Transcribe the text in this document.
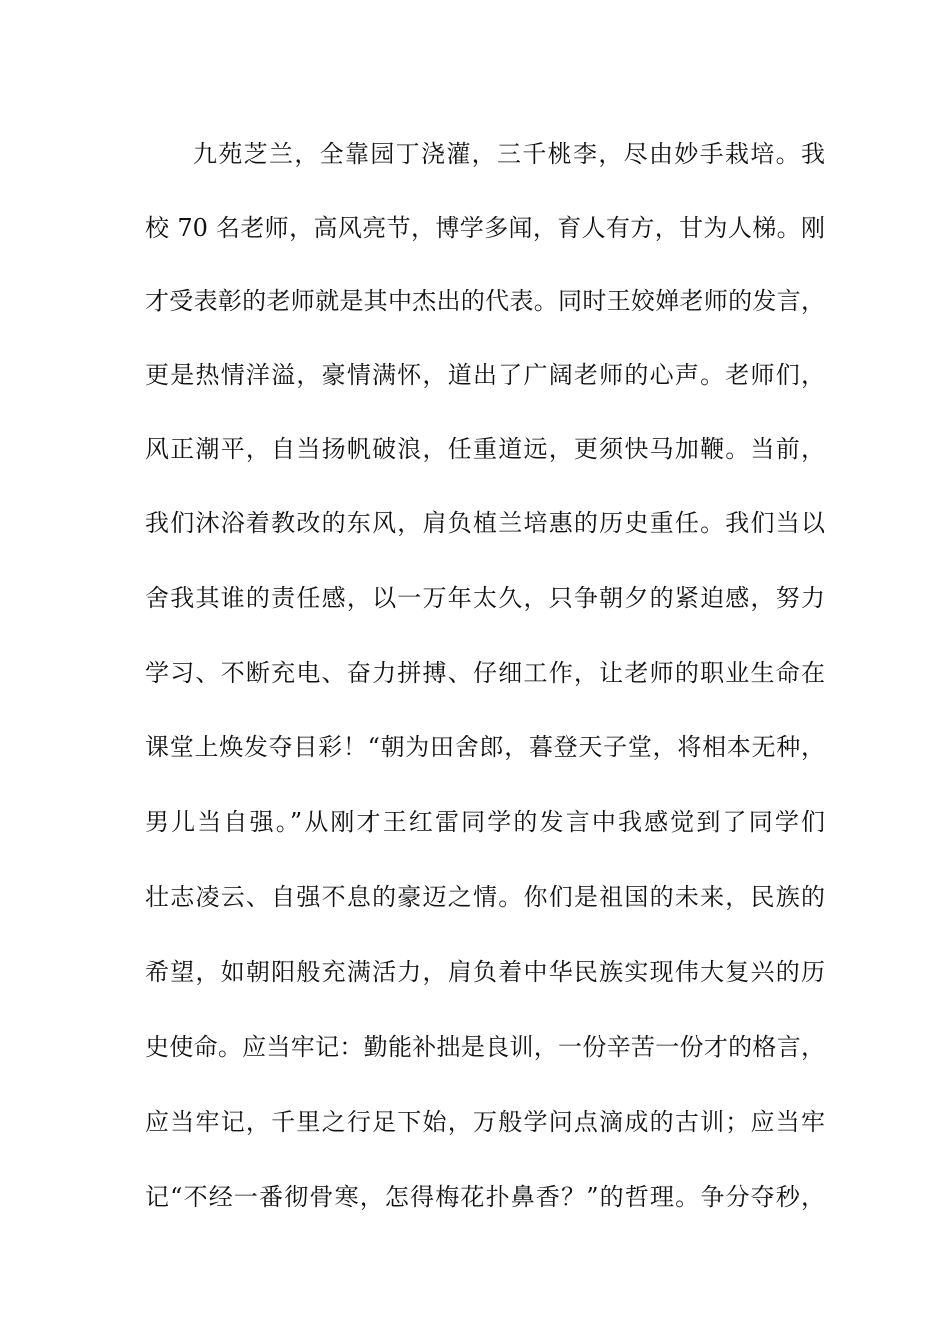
九苑芝兰，全靠园丁浇灌，三千桃李，尽由妙手栽培。我
校 70 名老师，高风亮节，博学多闻，育人有方，甘为人梯。刚
才受表彰的老师就是其中杰出的代表。同时王姣婵老师的发言，
更是热情洋溢，豪情满怀，道出了广阔老师的心声。老师们，
风正潮平，自当扬帆破浪，任重道远，更须快马加鞭。当前，
我们沐浴着教改的东风，肩负植兰培惠的历史重任。我们当以
舍我其谁的责任感，以一万年太久，只争朝夕的紧迫感，努力
学习、不断充电、奋力拼搏、仔细工作，让老师的职业生命在
课堂上焕发夺目彩！“朝为田舍郎，暮登天子堂，将相本无种，
男儿当自强。”从刚才王红雷同学的发言中我感觉到了同学们
壮志凌云、自强不息的豪迈之情。你们是祖国的未来，民族的
希望，如朝阳般充满活力，肩负着中华民族实现伟大复兴的历
史使命。应当牢记：勤能补拙是良训，一份辛苦一份才的格言，
应当牢记，千里之行足下始，万般学问点滴成的古训；应当牢
记“不经一番彻骨寒，怎得梅花扑鼻香？”的哲理。争分夺秒，
